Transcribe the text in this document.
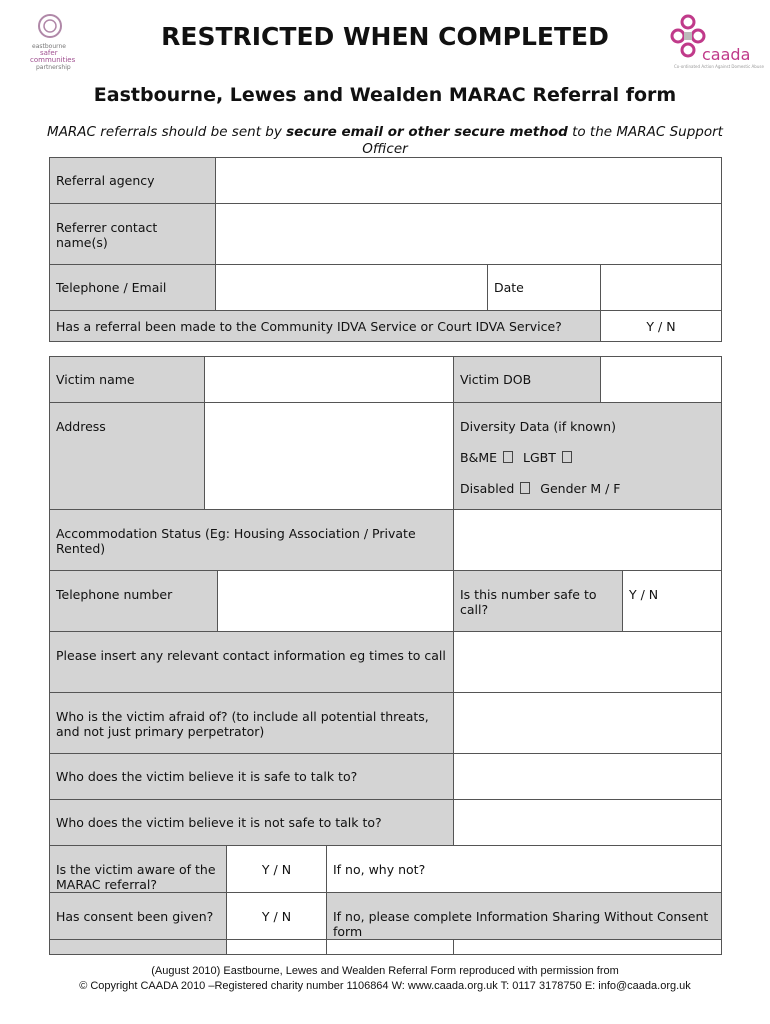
eastbourne
safer
communities
partnership
caada
Co-ordinated Action Against Domestic Abuse
RESTRICTED WHEN COMPLETED
Eastbourne, Lewes and Wealden MARAC Referral form
MARAC referrals should be sent by secure email or other secure method to the MARAC Support Officer
Referral agency			
Referrer contact name(s)			
Telephone / Email		Date	
Has a referral been made to the Community IDVA Service or Court IDVA Service?			Y / N
Victim name					Victim DOB		
Address					Diversity Data (if known)
B&ME LGBT
Disabled Gender M / F		

Accommodation Status (Eg: Housing Association / Private Rented)							
Telephone number					Is this number safe to call?		Y / N
Please insert any relevant contact information eg times to call							
Who is the victim afraid of? (to include all potential threats, and not just primary perpetrator)							
Who does the victim believe it is safe to talk to?							
Who does the victim believe it is not safe to talk to?							
Is the victim aware of the MARAC referral?			Y / N	If no, why not?			
Has consent been given?			Y / N	If no, please complete Information Sharing Without Consent form			

(August 2010) Eastbourne, Lewes and Wealden Referral Form reproduced with permission from
© Copyright CAADA 2010 –Registered charity number 1106864 W: www.caada.org.uk T: 0117 3178750 E: info@caada.org.uk
